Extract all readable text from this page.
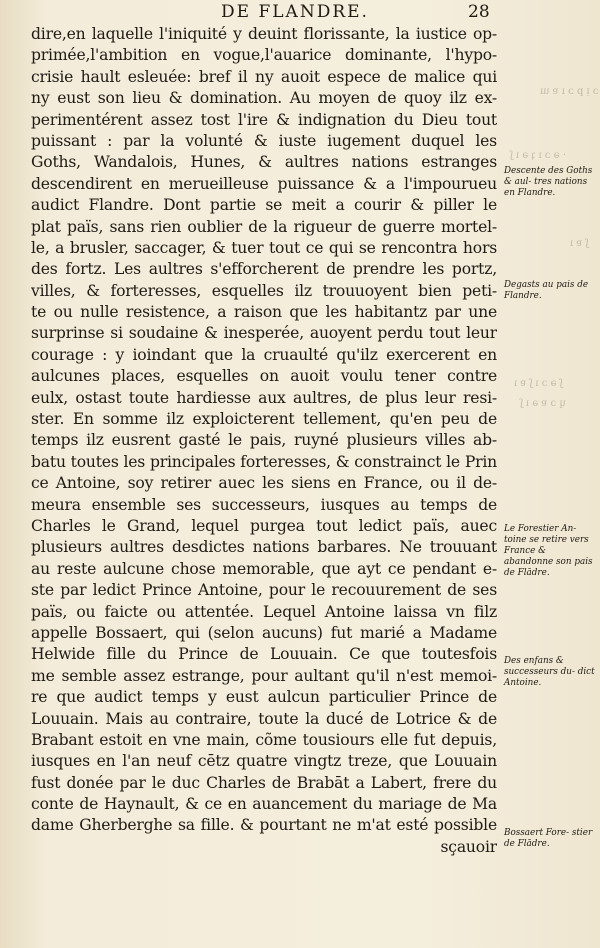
DE FLANDRE.	28
dire,en laquelle l'iniquité y deuint florissante, la iustice op-
primée,l'ambition en vogue,l'auarice dominante, l'hypo-
crisie hault esleuée: bref il ny auoit espece de malice qui
ny eust son lieu & domination. Au moyen de quoy ilz ex-
perimentérent assez tost l'ire & indignation du Dieu tout
puissant : par la volunté & iuste iugement duquel les
Goths, Wandalois, Hunes, & aultres nations estranges
descendirent en merueilleuse puissance & a l'impourueu
audict Flandre. Dont partie se meit a courir & piller le
plat païs, sans rien oublier de la rigueur de guerre mortel-
le, a brusler, saccager, & tuer tout ce qui se rencontra hors
des fortz. Les aultres s'efforcherent de prendre les portz,
villes, & forteresses, esquelles ilz trouuoyent bien peti-
te ou nulle resistence, a raison que les habitantz par une
surprinse si soudaine & inesperée, auoyent perdu tout leur
courage : y ioindant que la cruaulté qu'ilz exercerent en
aulcunes places, esquelles on auoit voulu tener contre
eulx, ostast toute hardiesse aux aultres, de plus leur resi-
ster. En somme ilz exploicterent tellement, qu'en peu de
temps ilz eusrent gasté le pais, ruyné plusieurs villes ab-
batu toutes les principales forteresses, & constrainct le Prin
ce Antoine, soy retirer auec les siens en France, ou il de-
meura ensemble ses successeurs, iusques au temps de
Charles le Grand, lequel purgea tout ledict païs, auec
plusieurs aultres desdictes nations barbares. Ne trouuant
au reste aulcune chose memorable, que ayt ce pendant e-
ste par ledict Prince Antoine, pour le recouurement de ses
païs, ou faicte ou attentée. Lequel Antoine laissa vn filz
appelle Bossaert, qui (selon aucuns) fut marié a Madame
Helwide fille du Prince de Louuain. Ce que toutesfois
me semble assez estrange, pour aultant qu'il n'est memoi-
re que audict temps y eust aulcun particulier Prince de
Louuain. Mais au contraire, toute la ducé de Lotrice & de
Brabant estoit en vne main, cõme tousiours elle fut depuis,
iusques en l'an neuf cētz quatre vingtz treze, que Louuain
fust donée par le duc Charles de Brabāt a Labert, frere du
conte de Haynault, & ce en auancement du mariage de Ma
dame Gherberghe sa fille. & pourtant ne m'at esté possible
sçauoir
ɔ ᴉ p ɔ ı ɐ ɯ
· ǝ ɔ ı ʇ ǝ ı ʃ
ʃ ɐ ı
ʃ ǝ ɔ ı ʃ ɐ ı
ɥ ɔ ɐ ǝ ı ʃ
Descente des Goths & aul- tres nations en Flandre.
Degasts au pais de Flandre.
Le Forestier An- toine se retire vers France & abandonne son pais de Flādre.
Des enfans & successeurs du- dict Antoine.
Bossaert Fore- stier de Flādre.
